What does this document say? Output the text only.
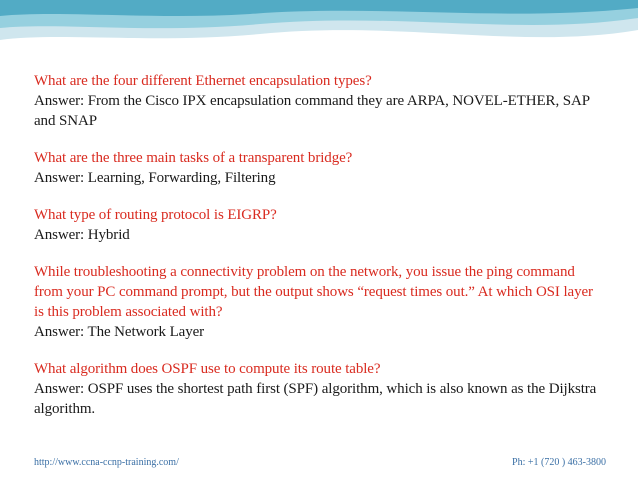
What are the four different Ethernet encapsulation types?
Answer: From the Cisco IPX encapsulation command they are ARPA, NOVEL-ETHER, SAP and SNAP
What are the three main tasks of a transparent bridge?
Answer: Learning, Forwarding, Filtering
What type of routing protocol is EIGRP?
Answer: Hybrid
While troubleshooting a connectivity problem on the network, you issue the ping command from your PC command prompt, but the output shows “request times out.” At which OSI layer is this problem associated with?
Answer: The Network Layer
What algorithm does OSPF use to compute its route table?
Answer: OSPF uses the shortest path first (SPF) algorithm, which is also known as the Dijkstra algorithm.
http://www.ccna-ccnp-training.com/	Ph: +1 (720 ) 463-3800
